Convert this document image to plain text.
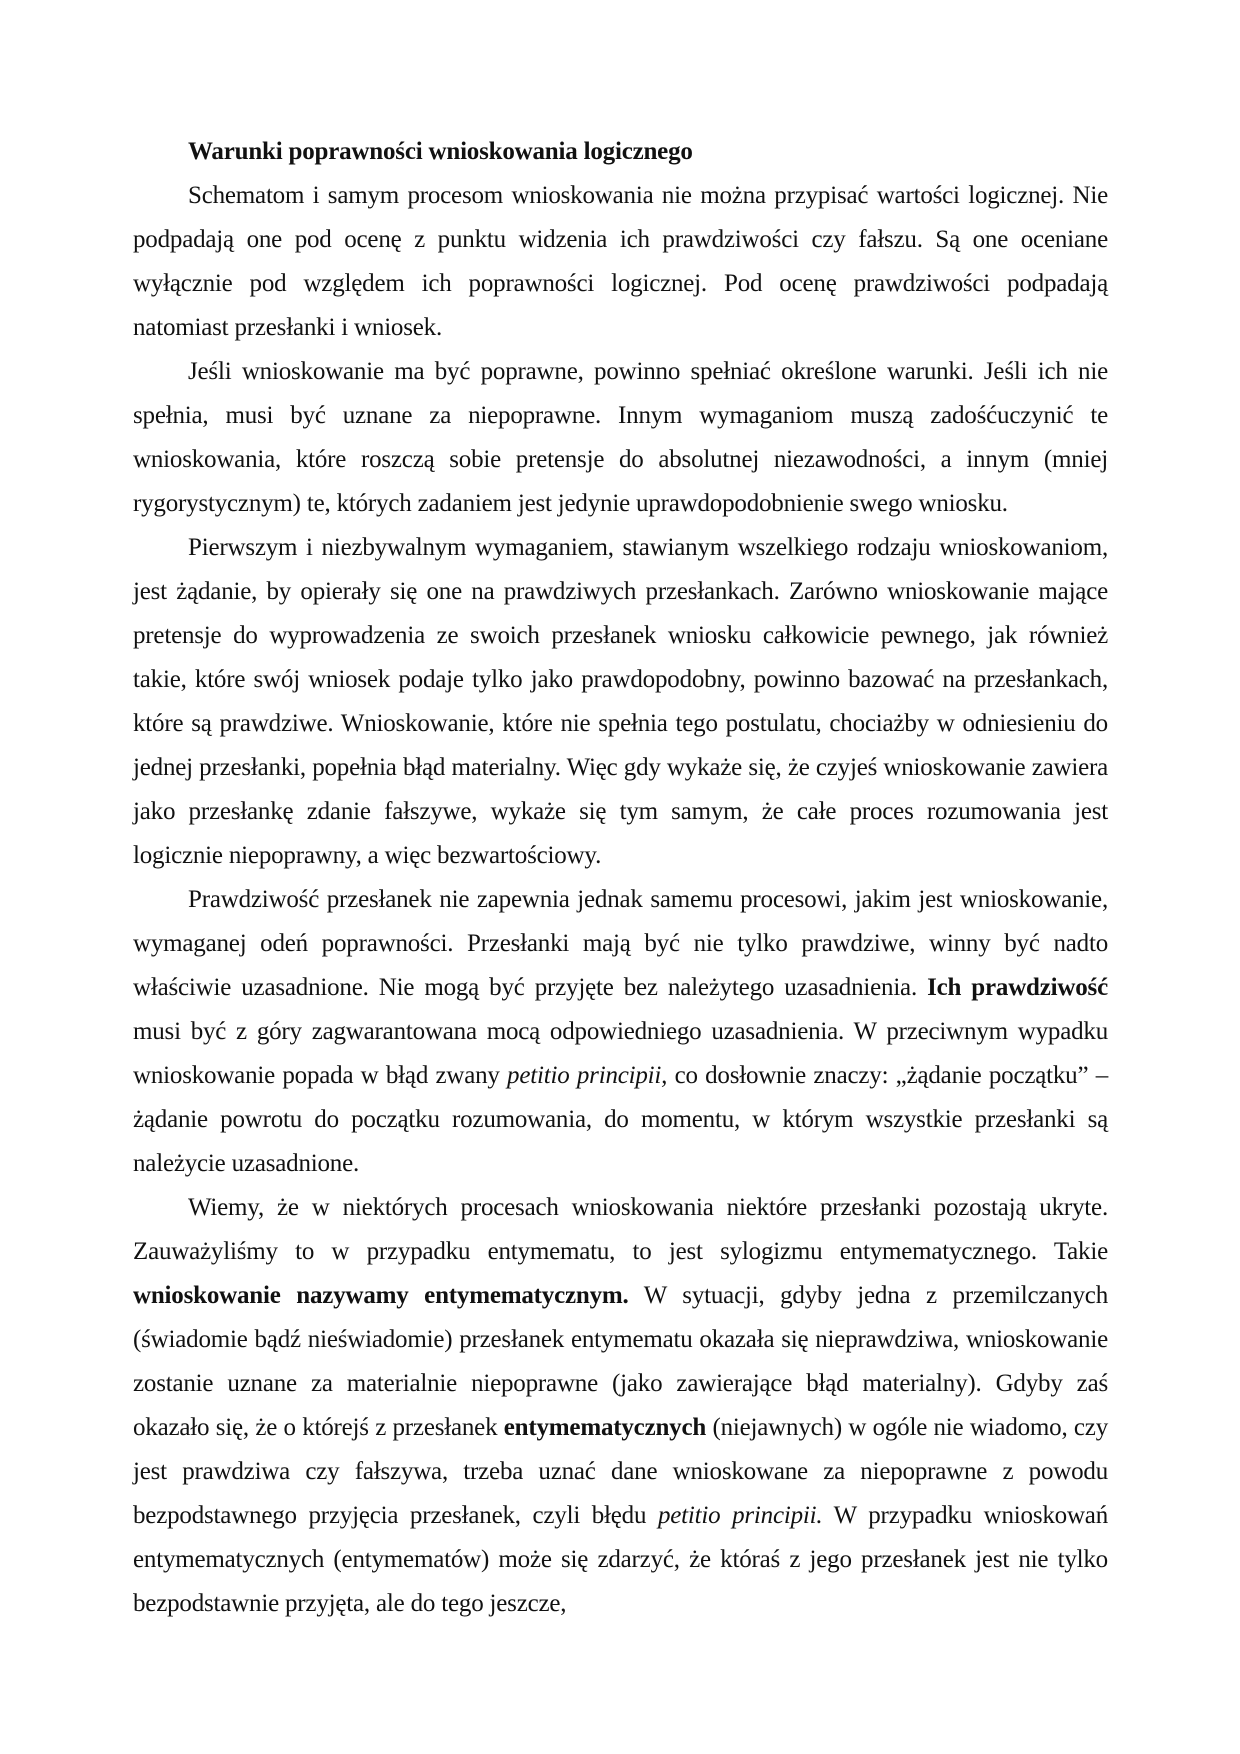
Warunki poprawności wnioskowania logicznego

Schematom i samym procesom wnioskowania nie można przypisać wartości logicznej. Nie podpadają one pod ocenę z punktu widzenia ich prawdziwości czy fałszu. Są one oceniane wyłącznie pod względem ich poprawności logicznej. Pod ocenę prawdziwości podpadają natomiast przesłanki i wniosek.

Jeśli wnioskowanie ma być poprawne, powinno spełniać określone warunki. Jeśli ich nie spełnia, musi być uznane za niepoprawne. Innym wymaganiom muszą zadośćuczynić te wnioskowania, które roszczą sobie pretensje do absolutnej niezawodności, a innym (mniej rygorystycznym) te, których zadaniem jest jedynie uprawdopodobnienie swego wniosku.

Pierwszym i niezbywalnym wymaganiem, stawianym wszelkiego rodzaju wnioskowaniom, jest żądanie, by opierały się one na prawdziwych przesłankach. Zarówno wnioskowanie mające pretensje do wyprowadzenia ze swoich przesłanek wniosku całkowicie pewnego, jak również takie, które swój wniosek podaje tylko jako prawdopodobny, powinno bazować na przesłankach, które są prawdziwe. Wnioskowanie, które nie spełnia tego postulatu, chociażby w odniesieniu do jednej przesłanki, popełnia błąd materialny. Więc gdy wykaże się, że czyjeś wnioskowanie zawiera jako przesłankę zdanie fałszywe, wykaże się tym samym, że całe proces rozumowania jest logicznie niepoprawny, a więc bezwartościowy.

Prawdziwość przesłanek nie zapewnia jednak samemu procesowi, jakim jest wnioskowanie, wymaganej odeń poprawności. Przesłanki mają być nie tylko prawdziwe, winny być nadto właściwie uzasadnione. Nie mogą być przyjęte bez należytego uzasadnienia. Ich prawdziwość musi być z góry zagwarantowana mocą odpowiedniego uzasadnienia. W przeciwnym wypadku wnioskowanie popada w błąd zwany petitio principii, co dosłownie znaczy: „żądanie początku” – żądanie powrotu do początku rozumowania, do momentu, w którym wszystkie przesłanki są należycie uzasadnione.

Wiemy, że w niektórych procesach wnioskowania niektóre przesłanki pozostają ukryte. Zauważyliśmy to w przypadku entymematu, to jest sylogizmu entymematycznego. Takie wnioskowanie nazywamy entymematycznym. W sytuacji, gdyby jedna z przemilczanych (świadomie bądź nieświadomie) przesłanek entymematu okazała się nieprawdziwa, wnioskowanie zostanie uznane za materialnie niepoprawne (jako zawierające błąd materialny). Gdyby zaś okazało się, że o którejś z przesłanek entymematycznych (niejawnych) w ogóle nie wiadomo, czy jest prawdziwa czy fałszywa, trzeba uznać dane wnioskowane za niepoprawne z powodu bezpodstawnego przyjęcia przesłanek, czyli błędu petitio principii. W przypadku wnioskowań entymematycznych (entymematów) może się zdarzyć, że któraś z jego przesłanek jest nie tylko bezpodstawnie przyjęta, ale do tego jeszcze,
